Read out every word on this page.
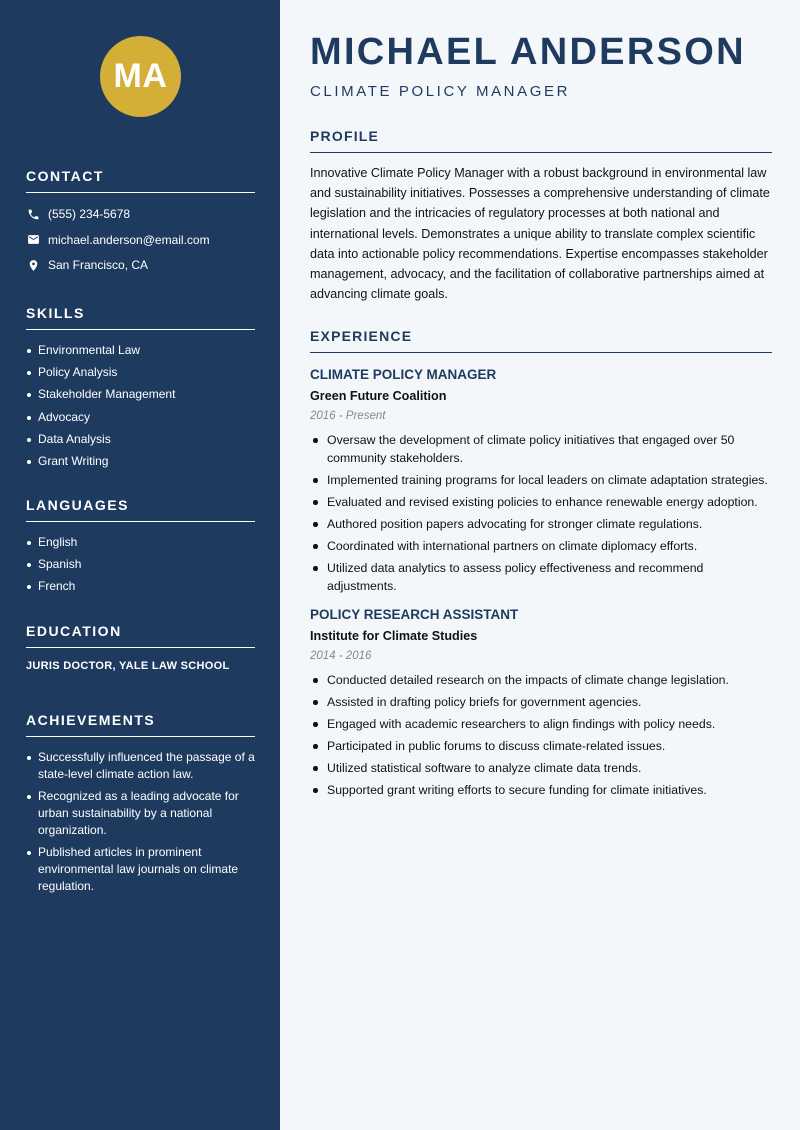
MA
CONTACT
(555) 234-5678
michael.anderson@email.com
San Francisco, CA
SKILLS
Environmental Law
Policy Analysis
Stakeholder Management
Advocacy
Data Analysis
Grant Writing
LANGUAGES
English
Spanish
French
EDUCATION
JURIS DOCTOR, YALE LAW SCHOOL
ACHIEVEMENTS
Successfully influenced the passage of a state-level climate action law.
Recognized as a leading advocate for urban sustainability by a national organization.
Published articles in prominent environmental law journals on climate regulation.
MICHAEL ANDERSON
CLIMATE POLICY MANAGER
PROFILE

Innovative Climate Policy Manager with a robust background in environmental law and sustainability initiatives. Possesses a comprehensive understanding of climate legislation and the intricacies of regulatory processes at both national and international levels. Demonstrates a unique ability to translate complex scientific data into actionable policy recommendations. Expertise encompasses stakeholder management, advocacy, and the facilitation of collaborative partnerships aimed at advancing climate goals.

EXPERIENCE
CLIMATE POLICY MANAGER
Green Future Coalition
2016 - Present
Oversaw the development of climate policy initiatives that engaged over 50 community stakeholders.
Implemented training programs for local leaders on climate adaptation strategies.
Evaluated and revised existing policies to enhance renewable energy adoption.
Authored position papers advocating for stronger climate regulations.
Coordinated with international partners on climate diplomacy efforts.
Utilized data analytics to assess policy effectiveness and recommend adjustments.
POLICY RESEARCH ASSISTANT
Institute for Climate Studies
2014 - 2016
Conducted detailed research on the impacts of climate change legislation.
Assisted in drafting policy briefs for government agencies.
Engaged with academic researchers to align findings with policy needs.
Participated in public forums to discuss climate-related issues.
Utilized statistical software to analyze climate data trends.
Supported grant writing efforts to secure funding for climate initiatives.
